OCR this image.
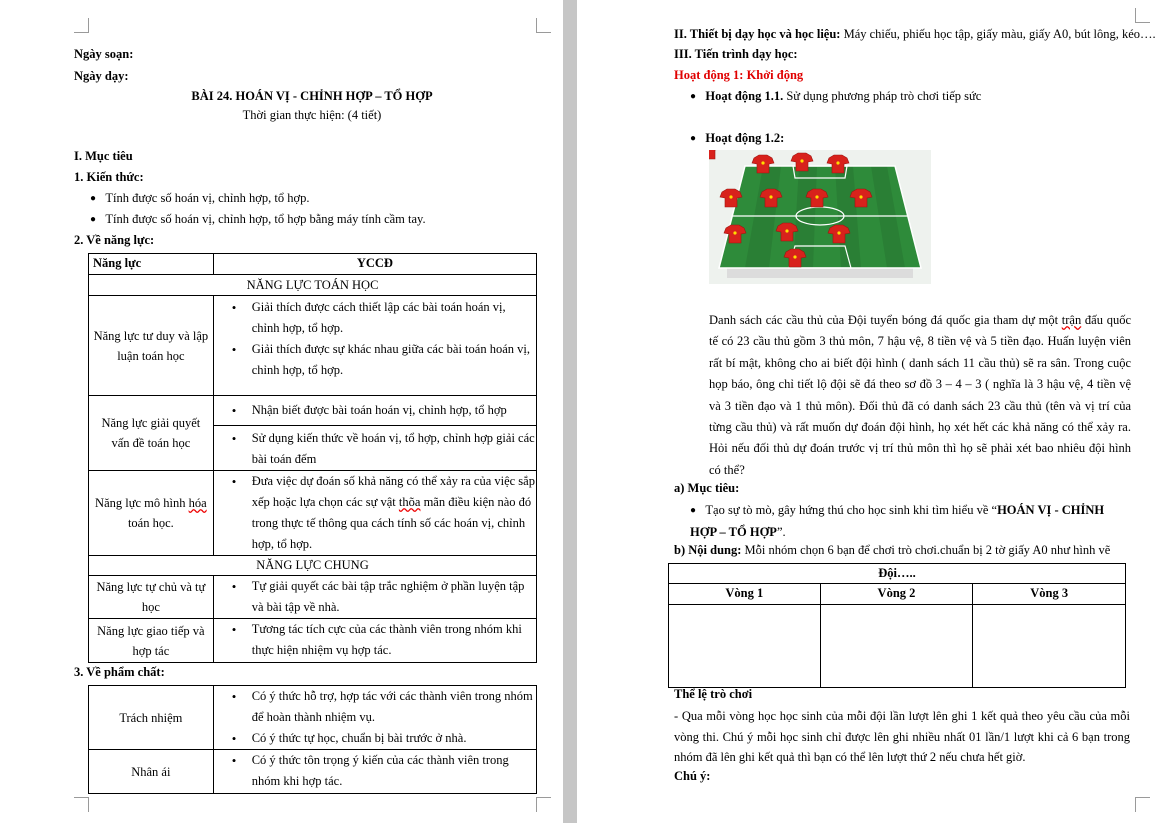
Ngày soạn:
Ngày dạy:
BÀI 24. HOÁN VỊ - CHỈNH HỢP – TỔ HỢP
Thời gian thực hiện: (4 tiết)
I. Mục tiêu
1. Kiến thức:
● Tính được số hoán vị, chỉnh hợp, tổ hợp.
● Tính được số hoán vị, chỉnh hợp, tổ hợp bằng máy tính cầm tay.
2. Về năng lực:
Năng lực	YCCĐ
NĂNG LỰC TOÁN HỌC	
Năng lực tư duy và lập luận toán học	• Giải thích được cách thiết lập các bài toán hoán vị, chỉnh hợp, tổ hợp.
• Giải thích được sự khác nhau giữa các bài toán hoán vị, chỉnh hợp, tổ hợp.

Năng lực giải quyết vấn đề toán học	• Nhận biết được bài toán hoán vị, chỉnh hợp, tổ hợp

	• Sử dụng kiến thức về hoán vị, tổ hợp, chỉnh hợp giải các bài toán đếm

Năng lực mô hình hóa toán học.	• Đưa việc dự đoán số khả năng có thể xảy ra của việc sắp xếp hoặc lựa chọn các sự vật thõa mãn điều kiện nào đó trong thực tế thông qua cách tính số các hoán vị, chỉnh hợp, tổ hợp.

NĂNG LỰC CHUNG	
Năng lực tự chủ và tự học	• Tự giải quyết các bài tập trắc nghiệm ở phần luyện tập và bài tập về nhà.

Năng lực giao tiếp và hợp tác	• Tương tác tích cực của các thành viên trong nhóm khi thực hiện nhiệm vụ hợp tác.
3. Về phẩm chất:
Trách nhiệm	• Có ý thức hỗ trợ, hợp tác với các thành viên trong nhóm để hoàn thành nhiệm vụ.
• Có ý thức tự học, chuẩn bị bài trước ở nhà.

Nhân ái	• Có ý thức tôn trọng ý kiến của các thành viên trong nhóm khi hợp tác.
II. Thiết bị dạy học và học liệu: Máy chiếu, phiếu học tập, giấy màu, giấy A0, bút lông, kéo….
III. Tiến trình dạy học:
Hoạt động 1: Khởi động
● Hoạt động 1.1. Sử dụng phương pháp trò chơi tiếp sức
● Hoạt động 1.2:
Danh sách các cầu thủ của Đội tuyển bóng đá quốc gia tham dự một trận đấu quốc tế có 23 cầu thủ gồm 3 thủ môn, 7 hậu vệ, 8 tiền vệ và 5 tiền đạo. Huấn luyện viên rất bí mật, không cho ai biết đội hình ( danh sách 11 cầu thủ) sẽ ra sân. Trong cuộc họp báo, ông chỉ tiết lộ đội sẽ đá theo sơ đồ 3 – 4 – 3 ( nghĩa là 3 hậu vệ, 4 tiền vệ và 3 tiền đạo và 1 thủ môn). Đối thủ đã có danh sách 23 cầu thủ (tên và vị trí của từng cầu thủ) và rất muốn dự đoán đội hình, họ xét hết các khả năng có thể xảy ra. Hỏi nếu đối thủ dự đoán trước vị trí thủ môn thì họ sẽ phải xét bao nhiêu đội hình có thể?
a) Mục tiêu:
● Tạo sự tò mò, gây hứng thú cho học sinh khi tìm hiểu về “HOÁN VỊ - CHỈNH HỢP – TỔ HỢP”.
b) Nội dung: Mỗi nhóm chọn 6 bạn để chơi trò chơi.chuẩn bị 2 tờ giấy A0 như hình vẽ
Đội…..		
Vòng 1	Vòng 2	Vòng 3

Thể lệ trò chơi
- Qua mỗi vòng học học sinh của mỗi đội lần lượt lên ghi 1 kết quả theo yêu cầu của mỗi vòng thi. Chú ý mỗi học sinh chỉ được lên ghi nhiều nhất 01 lần/1 lượt khi cả 6 bạn trong nhóm đã lên ghi kết quả thì bạn có thể lên lượt thứ 2 nếu chưa hết giờ.
Chú ý:
